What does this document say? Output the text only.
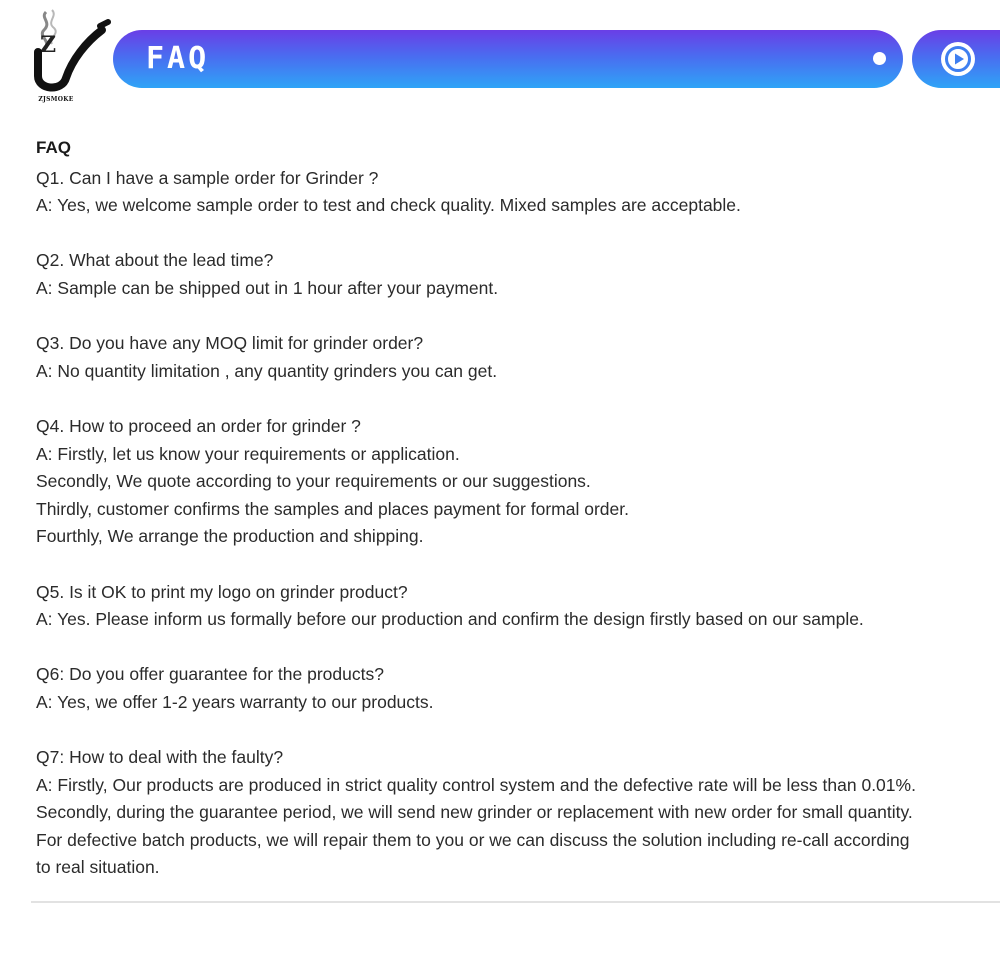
Z
ZJSMOKE
FAQ
FAQ

Q1. Can I have a sample order for Grinder ?

A: Yes, we welcome sample order to test and check quality. Mixed samples are acceptable.

Q2. What about the lead time?

A: Sample can be shipped out in 1 hour after your payment.

Q3. Do you have any MOQ limit for grinder order?

A: No quantity limitation , any quantity grinders you can get.

Q4. How to proceed an order for grinder ?

A: Firstly, let us know your requirements or application.

Secondly, We quote according to your requirements or our suggestions.

Thirdly, customer confirms the samples and places payment for formal order.

Fourthly, We arrange the production and shipping.

Q5. Is it OK to print my logo on grinder product?

A: Yes. Please inform us formally before our production and confirm the design firstly based on our sample.

Q6: Do you offer guarantee for the products?

A: Yes, we offer 1-2 years warranty to our products.

Q7: How to deal with the faulty?

A: Firstly, Our products are produced in strict quality control system and the defective rate will be less than 0.01%.

Secondly, during the guarantee period, we will send new grinder or replacement with new order for small quantity.

For defective batch products, we will repair them to you or we can discuss the solution including re-call according

to real situation.
